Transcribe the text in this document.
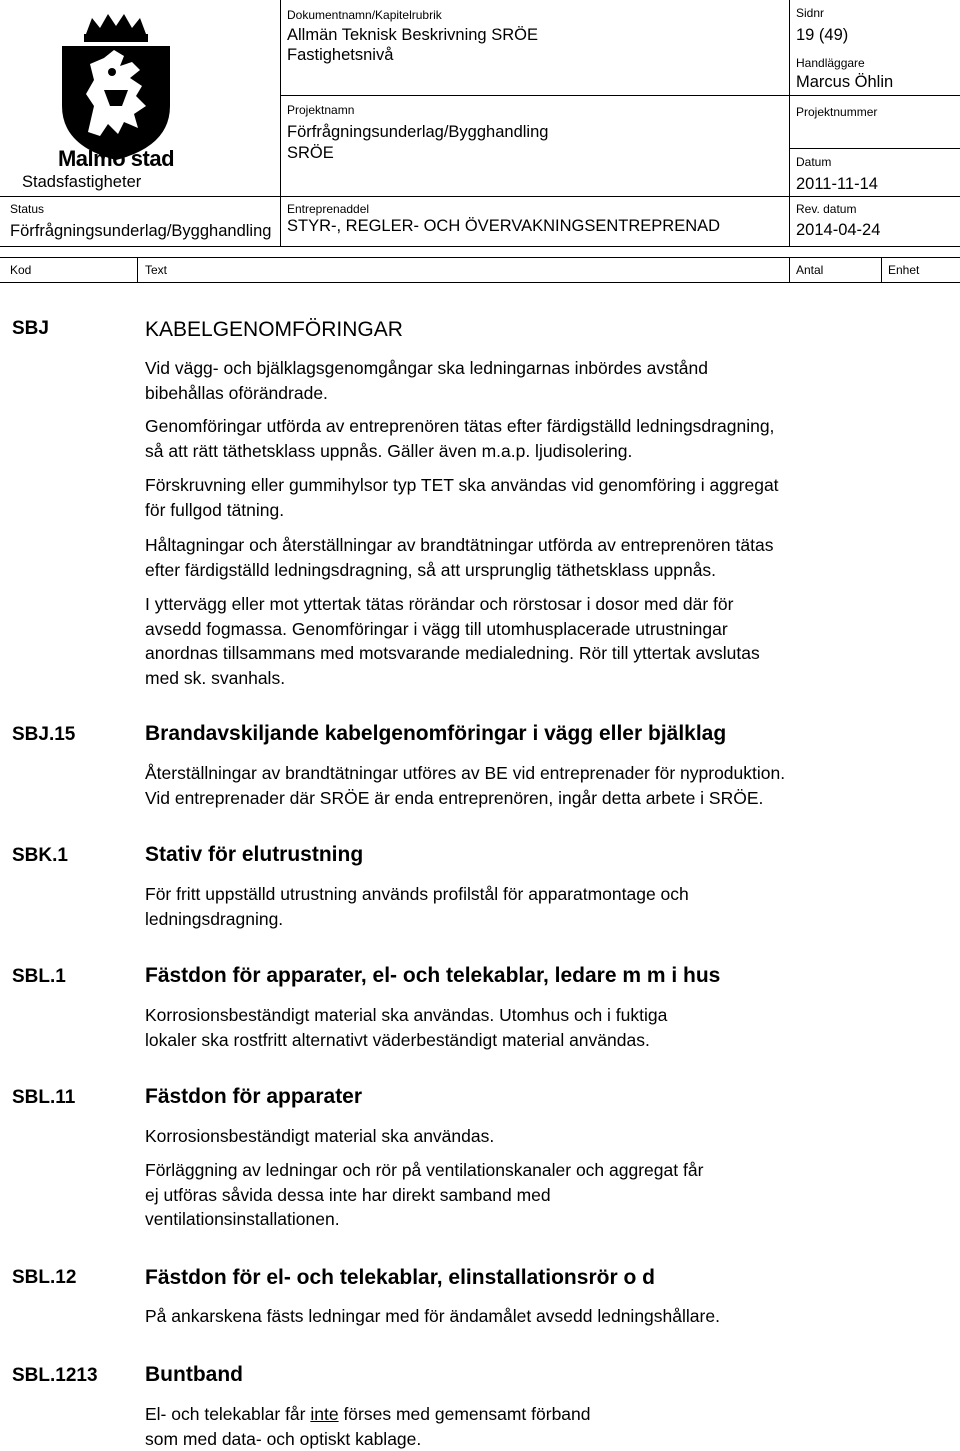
Malmö stad
Stadsfastigheter
Dokumentnamn/Kapitelrubrik
Allmän Teknisk Beskrivning SRÖE
Fastighetsnivå
Sidnr
19 (49)
Handläggare
Marcus Öhlin
Projektnamn
Förfrågningsunderlag/Bygghandling
SRÖE
Projektnummer
Datum
2011-11-14
Status
Förfrågningsunderlag/Bygghandling
Entreprenaddel
STYR-, REGLER- OCH ÖVERVAKNINGSENTREPRENAD
Rev. datum
2014-04-24
Kod	Text	Antal	Enhet
SBJ	KABELGENOMFÖRINGAR
Vid vägg- och bjälklagsgenomgångar ska ledningarnas inbördes avstånd
bibehållas oförändrade.
Genomföringar utförda av entreprenören tätas efter färdigställd ledningsdragning,
så att rätt täthetsklass uppnås. Gäller även m.a.p. ljudisolering.
Förskruvning eller gummihylsor typ TET ska användas vid genomföring i aggregat
för fullgod tätning.
Håltagningar och återställningar av brandtätningar utförda av entreprenören tätas
efter färdigställd ledningsdragning, så att ursprunglig täthetsklass uppnås.
I yttervägg eller mot yttertak tätas rörändar och rörstosar i dosor med där för
avsedd fogmassa. Genomföringar i vägg till utomhusplacerade utrustningar
anordnas tillsammans med motsvarande medialedning. Rör till yttertak avslutas
med sk. svanhals.
SBJ.15	Brandavskiljande kabelgenomföringar i vägg eller bjälklag
Återställningar av brandtätningar utföres av BE vid entreprenader för nyproduktion.
Vid entreprenader där SRÖE är enda entreprenören, ingår detta arbete i SRÖE.
SBK.1	Stativ för elutrustning
För fritt uppställd utrustning används profilstål för apparatmontage och
ledningsdragning.
SBL.1	Fästdon för apparater, el- och telekablar, ledare m m i hus
Korrosionsbeständigt material ska användas. Utomhus och i fuktiga
lokaler ska rostfritt alternativt väderbeständigt material användas.
SBL.11	Fästdon för apparater
Korrosionsbeständigt material ska användas.
Förläggning av ledningar och rör på ventilationskanaler och aggregat får
ej utföras såvida dessa inte har direkt samband med
ventilationsinstallationen.
SBL.12	Fästdon för el- och telekablar, elinstallationsrör o d
På ankarskena fästs ledningar med för ändamålet avsedd ledningshållare.
SBL.1213 Buntband
El- och telekablar får inte förses med gemensamt förband
som med data- och optiskt kablage.
